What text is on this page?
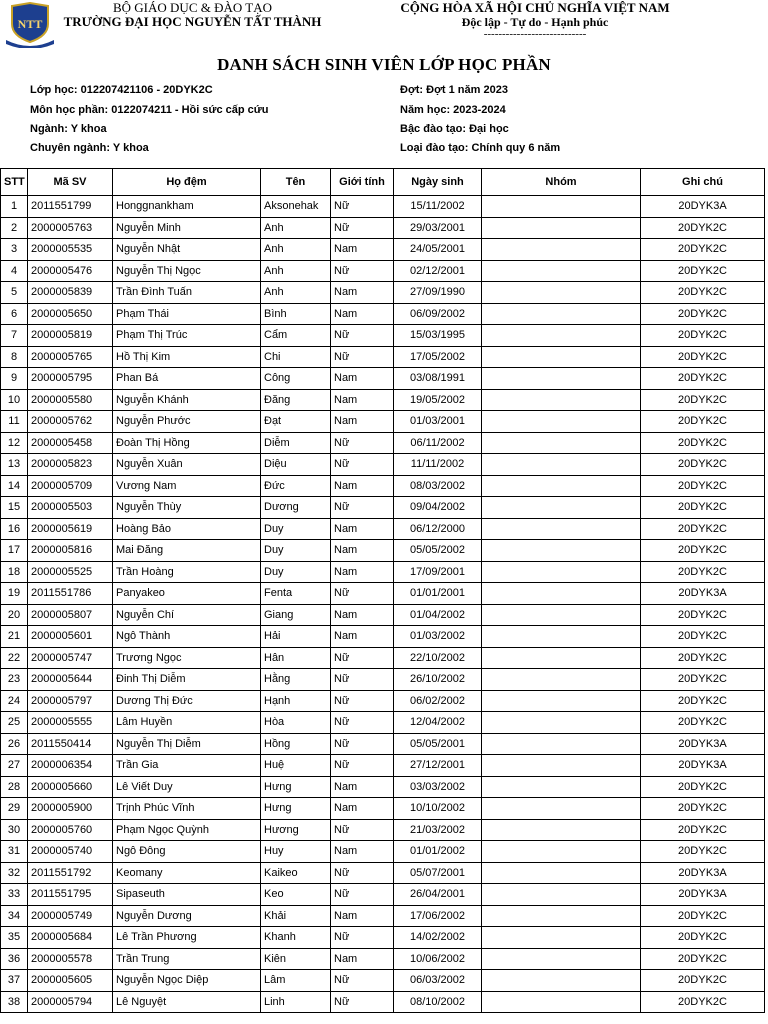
NTT
BỘ GIÁO DỤC & ĐÀO TẠO
TRƯỜNG ĐẠI HỌC NGUYỄN TẤT THÀNH
CỘNG HÒA XÃ HỘI CHỦ NGHĨA VIỆT NAM
Độc lập - Tự do - Hạnh phúc
----------------------------
DANH SÁCH SINH VIÊN LỚP HỌC PHẦN
Lớp học: 012207421106 - 20DYK2C
Môn học phần: 0122074211 - Hồi sức cấp cứu
Ngành: Y khoa
Chuyên ngành: Y khoa
Đợt: Đợt 1 năm 2023
Năm học: 2023-2024
Bậc đào tạo: Đại học
Loại đào tạo: Chính quy 6 năm
STT	Mã SV	Họ đệm	Tên	Giới tính	Ngày sinh	Nhóm	Ghi chú
1	2011551799	Honggnankham	Aksonehak	Nữ	15/11/2002		20DYK3A
2	2000005763	Nguyễn Minh	Anh	Nữ	29/03/2001		20DYK2C
3	2000005535	Nguyễn Nhật	Anh	Nam	24/05/2001		20DYK2C
4	2000005476	Nguyễn Thị Ngọc	Anh	Nữ	02/12/2001		20DYK2C
5	2000005839	Trần Đình Tuấn	Anh	Nam	27/09/1990		20DYK2C
6	2000005650	Phạm Thái	Bình	Nam	06/09/2002		20DYK2C
7	2000005819	Phạm Thị Trúc	Cẩm	Nữ	15/03/1995		20DYK2C
8	2000005765	Hồ Thị Kim	Chi	Nữ	17/05/2002		20DYK2C
9	2000005795	Phan Bá	Công	Nam	03/08/1991		20DYK2C
10	2000005580	Nguyễn Khánh	Đăng	Nam	19/05/2002		20DYK2C
11	2000005762	Nguyễn Phước	Đạt	Nam	01/03/2001		20DYK2C
12	2000005458	Đoàn Thị Hồng	Diễm	Nữ	06/11/2002		20DYK2C
13	2000005823	Nguyễn Xuân	Diệu	Nữ	11/11/2002		20DYK2C
14	2000005709	Vương Nam	Đức	Nam	08/03/2002		20DYK2C
15	2000005503	Nguyễn Thùy	Dương	Nữ	09/04/2002		20DYK2C
16	2000005619	Hoàng Bảo	Duy	Nam	06/12/2000		20DYK2C
17	2000005816	Mai Đăng	Duy	Nam	05/05/2002		20DYK2C
18	2000005525	Trần Hoàng	Duy	Nam	17/09/2001		20DYK2C
19	2011551786	Panyakeo	Fenta	Nữ	01/01/2001		20DYK3A
20	2000005807	Nguyễn Chí	Giang	Nam	01/04/2002		20DYK2C
21	2000005601	Ngô Thành	Hải	Nam	01/03/2002		20DYK2C
22	2000005747	Trương Ngọc	Hân	Nữ	22/10/2002		20DYK2C
23	2000005644	Đinh Thị Diễm	Hằng	Nữ	26/10/2002		20DYK2C
24	2000005797	Dương Thị Đức	Hạnh	Nữ	06/02/2002		20DYK2C
25	2000005555	Lâm Huyền	Hòa	Nữ	12/04/2002		20DYK2C
26	2011550414	Nguyễn Thị Diễm	Hồng	Nữ	05/05/2001		20DYK3A
27	2000006354	Trần Gia	Huệ	Nữ	27/12/2001		20DYK3A
28	2000005660	Lê Viết Duy	Hưng	Nam	03/03/2002		20DYK2C
29	2000005900	Trịnh Phúc Vĩnh	Hưng	Nam	10/10/2002		20DYK2C
30	2000005760	Phạm Ngọc Quỳnh	Hương	Nữ	21/03/2002		20DYK2C
31	2000005740	Ngô Đông	Huy	Nam	01/01/2002		20DYK2C
32	2011551792	Keomany	Kaikeo	Nữ	05/07/2001		20DYK3A
33	2011551795	Sipaseuth	Keo	Nữ	26/04/2001		20DYK3A
34	2000005749	Nguyễn Dương	Khải	Nam	17/06/2002		20DYK2C
35	2000005684	Lê Trần Phương	Khanh	Nữ	14/02/2002		20DYK2C
36	2000005578	Trần Trung	Kiên	Nam	10/06/2002		20DYK2C
37	2000005605	Nguyễn Ngọc Diệp	Lâm	Nữ	06/03/2002		20DYK2C
38	2000005794	Lê Nguyệt	Linh	Nữ	08/10/2002		20DYK2C
